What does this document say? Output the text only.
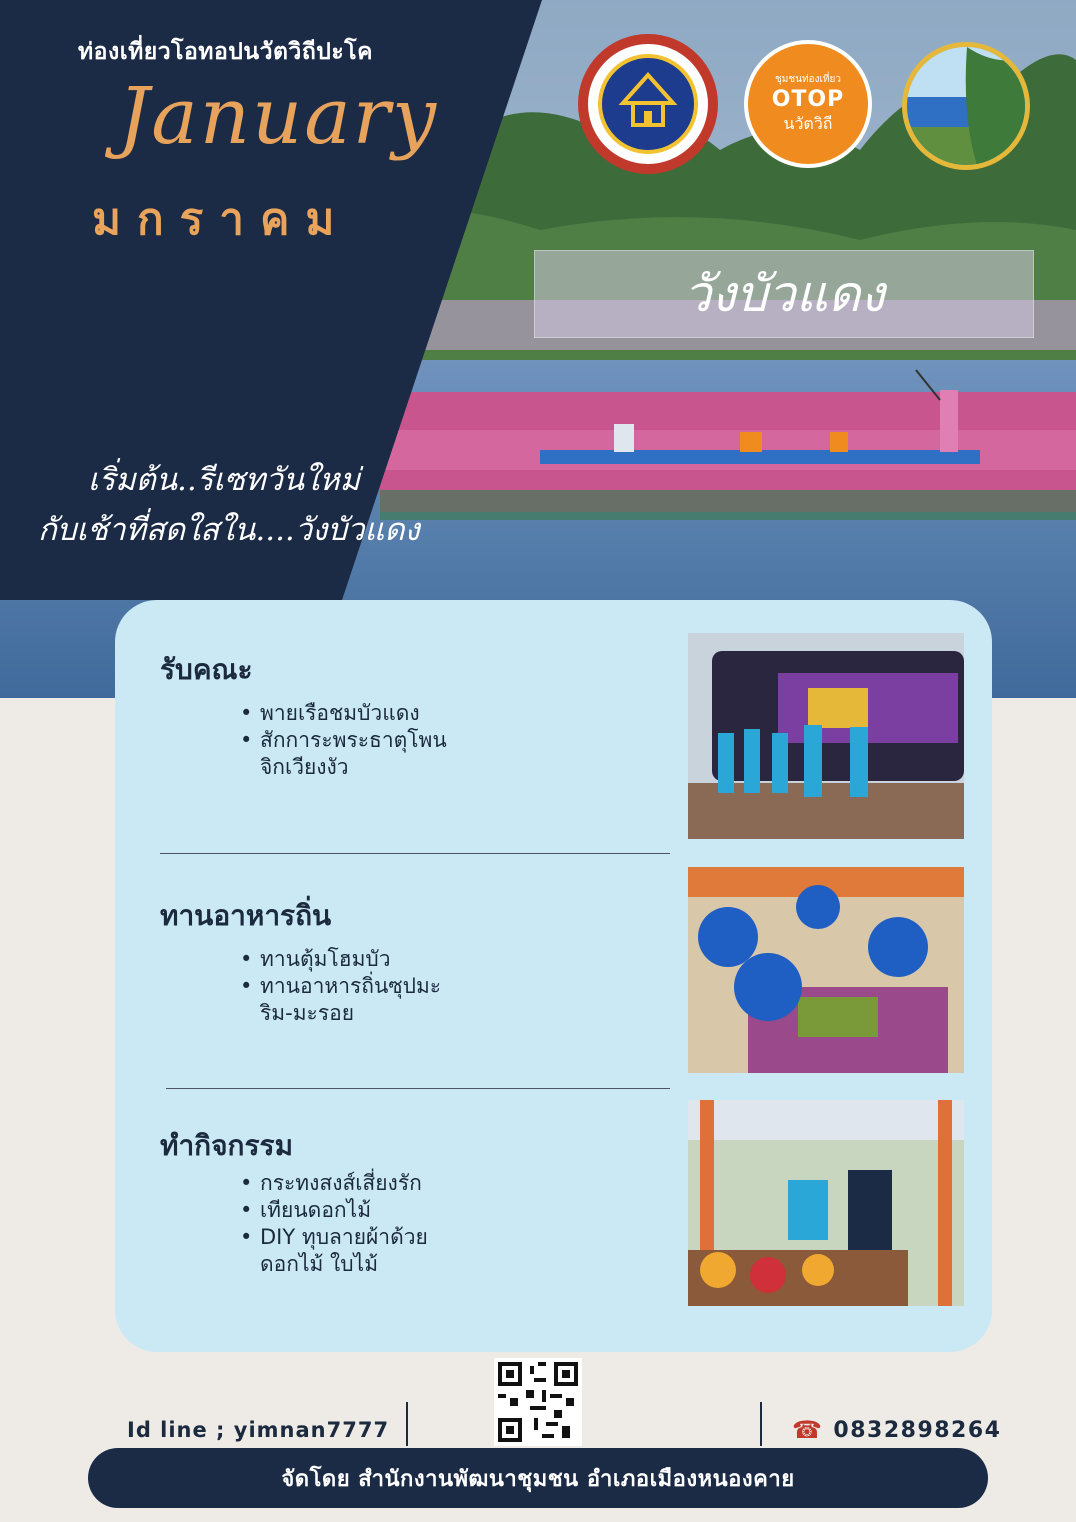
ท่องเที่ยวโอทอปนวัตวิถีปะโค
January
มกราคม
เริ่มต้น..รีเซทวันใหม่
กับเช้าที่สดใสใน....วังบัวแดง
วังบัวแดง
ชุมชนท่องเที่ยว
OTOP
นวัตวิถี
รับคณะ
• พายเรือชมบัวแดง
• สักการะพระธาตุโพน
จิกเวียงงัว
ทานอาหารถิ่น
• ทานตุ้มโฮมบัว
• ทานอาหารถิ่นซุปมะ
ริม-มะรอย
ทำกิจกรรม
• กระทงสงส์เสี่ยงรัก
• เทียนดอกไม้
• DIY ทุบลายผ้าด้วย
ดอกไม้ ใบไม้
Id line ; yimnan7777	☎ 0832898264
จัดโดย สำนักงานพัฒนาชุมชน อำเภอเมืองหนองคาย
